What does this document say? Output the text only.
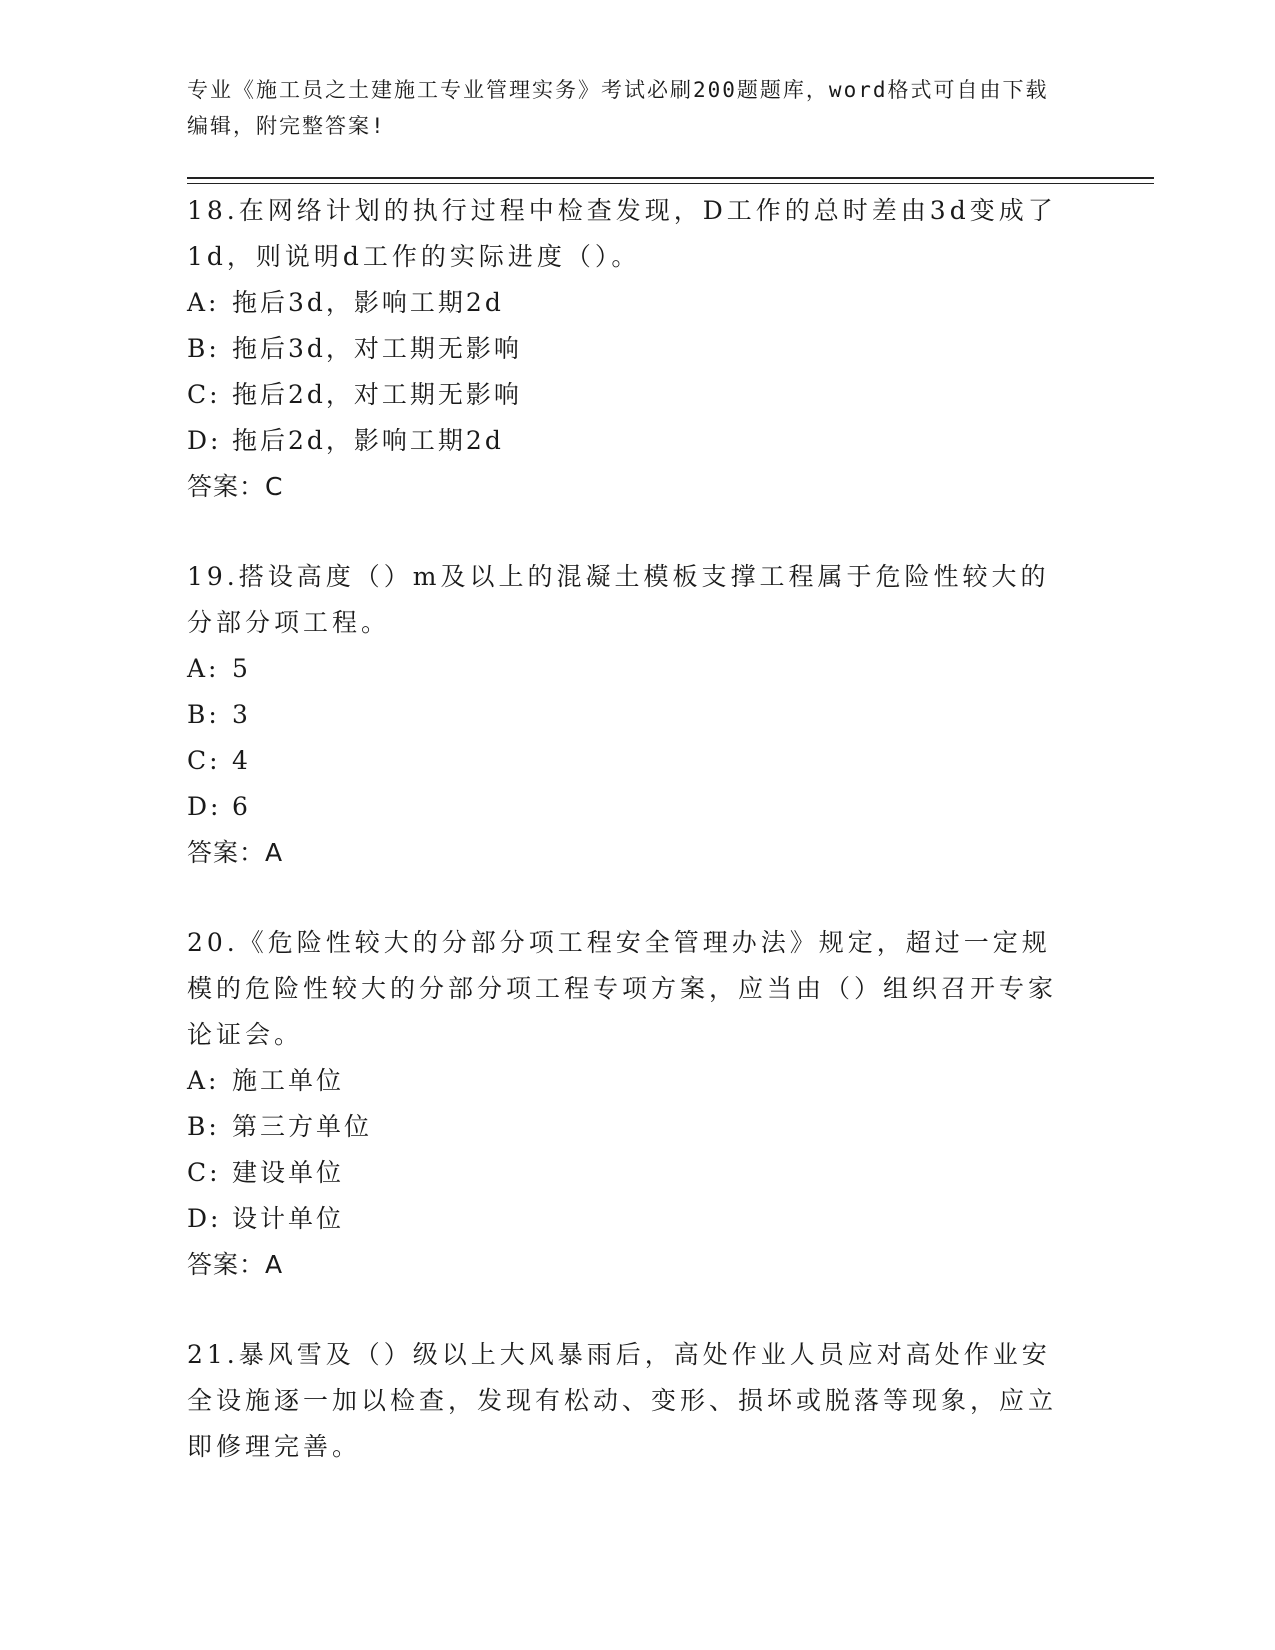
专业《施工员之土建施工专业管理实务》考试必刷200题题库，word格式可自由下载编辑，附完整答案!
18.在网络计划的执行过程中检查发现，D工作的总时差由3d变成了1d，则说明d工作的实际进度（）。
A: 拖后3d，影响工期2d
B: 拖后3d，对工期无影响
C: 拖后2d，对工期无影响
D: 拖后2d，影响工期2d
答案：C
19.搭设高度（）m及以上的混凝土模板支撑工程属于危险性较大的分部分项工程。
A: 5
B: 3
C: 4
D: 6
答案：A
20.《危险性较大的分部分项工程安全管理办法》规定，超过一定规模的危险性较大的分部分项工程专项方案，应当由（）组织召开专家论证会。
A: 施工单位
B: 第三方单位
C: 建设单位
D: 设计单位
答案：A
21.暴风雪及（）级以上大风暴雨后，高处作业人员应对高处作业安全设施逐一加以检查，发现有松动、变形、损坏或脱落等现象，应立即修理完善。
